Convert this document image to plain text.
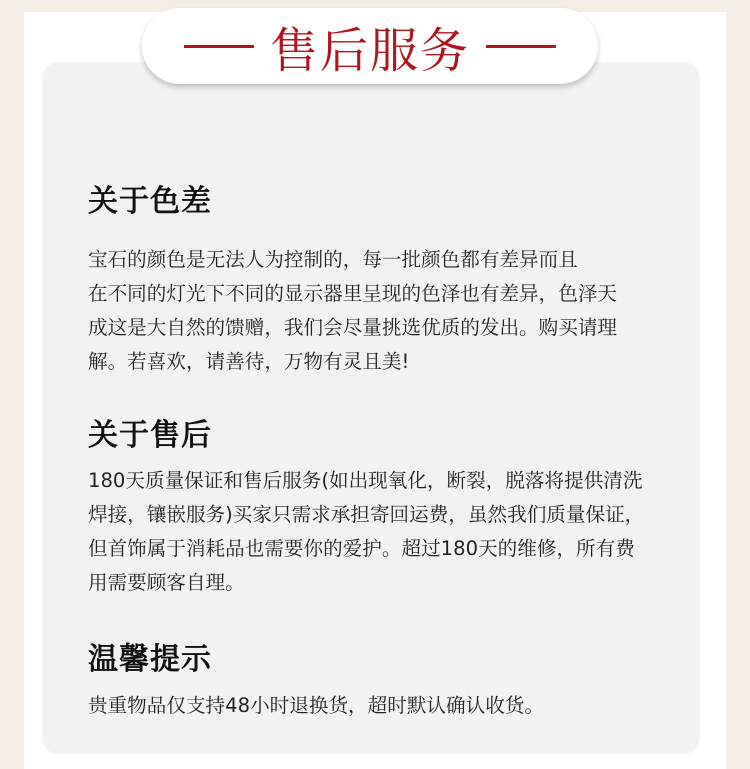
售后服务
关于色差
宝石的颜色是无法人为控制的，每一批颜色都有差异而且
在不同的灯光下不同的显示器里呈现的色泽也有差异，色泽天
成这是大自然的馈赠，我们会尽量挑选优质的发出。购买请理
解。若喜欢，请善待，万物有灵且美!
关于售后
180天质量保证和售后服务(如出现氧化，断裂，脱落将提供清洗
焊接，镶嵌服务)买家只需求承担寄回运费，虽然我们质量保证，
但首饰属于消耗品也需要你的爱护。超过180天的维修，所有费
用需要顾客自理。
温馨提示
贵重物品仅支持48小时退换货，超时默认确认收货。
